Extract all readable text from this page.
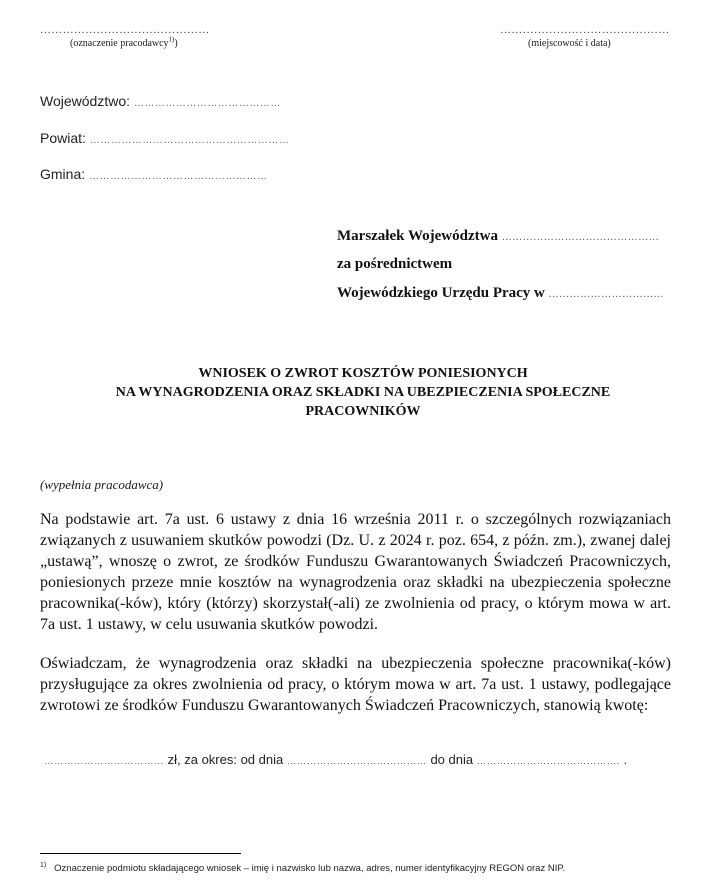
………………………………………
(oznaczenie pracodawcy$^{1)}$)
………………………………………
(miejscowość i data)
Województwo: ……………………………………
Powiat: …………………………………………………
Gmina: ……………………………………………
Marszałek Województwa ………………………………………
za pośrednictwem
Wojewódzkiego Urzędu Pracy w ……………………………
WNIOSEK O ZWROT KOSZTÓW PONIESIONYCH
NA WYNAGRODZENIA ORAZ SKŁADKI NA UBEZPIECZENIA SPOŁECZNE
PRACOWNIKÓW
(wypełnia pracodawca)
Na podstawie art. 7a ust. 6 ustawy z dnia 16 września 2011 r. o szczególnych rozwiązaniach związanych z usuwaniem skutków powodzi (Dz. U. z 2024 r. poz. 654, z późn. zm.), zwanej dalej „ustawą”, wnoszę o zwrot, ze środków Funduszu Gwarantowanych Świadczeń Pracowniczych, poniesionych przeze mnie kosztów na wynagrodzenia oraz składki na ubezpieczenia społeczne pracownika(-ków), który (którzy) skorzystał(-ali) ze zwolnienia od pracy, o którym mowa w art. 7a ust. 1 ustawy, w celu usuwania skutków powodzi.
Oświadczam, że wynagrodzenia oraz składki na ubezpieczenia społeczne pracownika(-ków) przysługujące za okres zwolnienia od pracy, o którym mowa w art. 7a ust. 1 ustawy, podlegające zwrotowi ze środków Funduszu Gwarantowanych Świadczeń Pracowniczych, stanowią kwotę:
……………………………… zł, za okres: od dnia …………………………………… do dnia ……………………………………. .
$^{1)}$ Oznaczenie podmiotu składającego wniosek – imię i nazwisko lub nazwa, adres, numer identyfikacyjny REGON oraz NIP.
